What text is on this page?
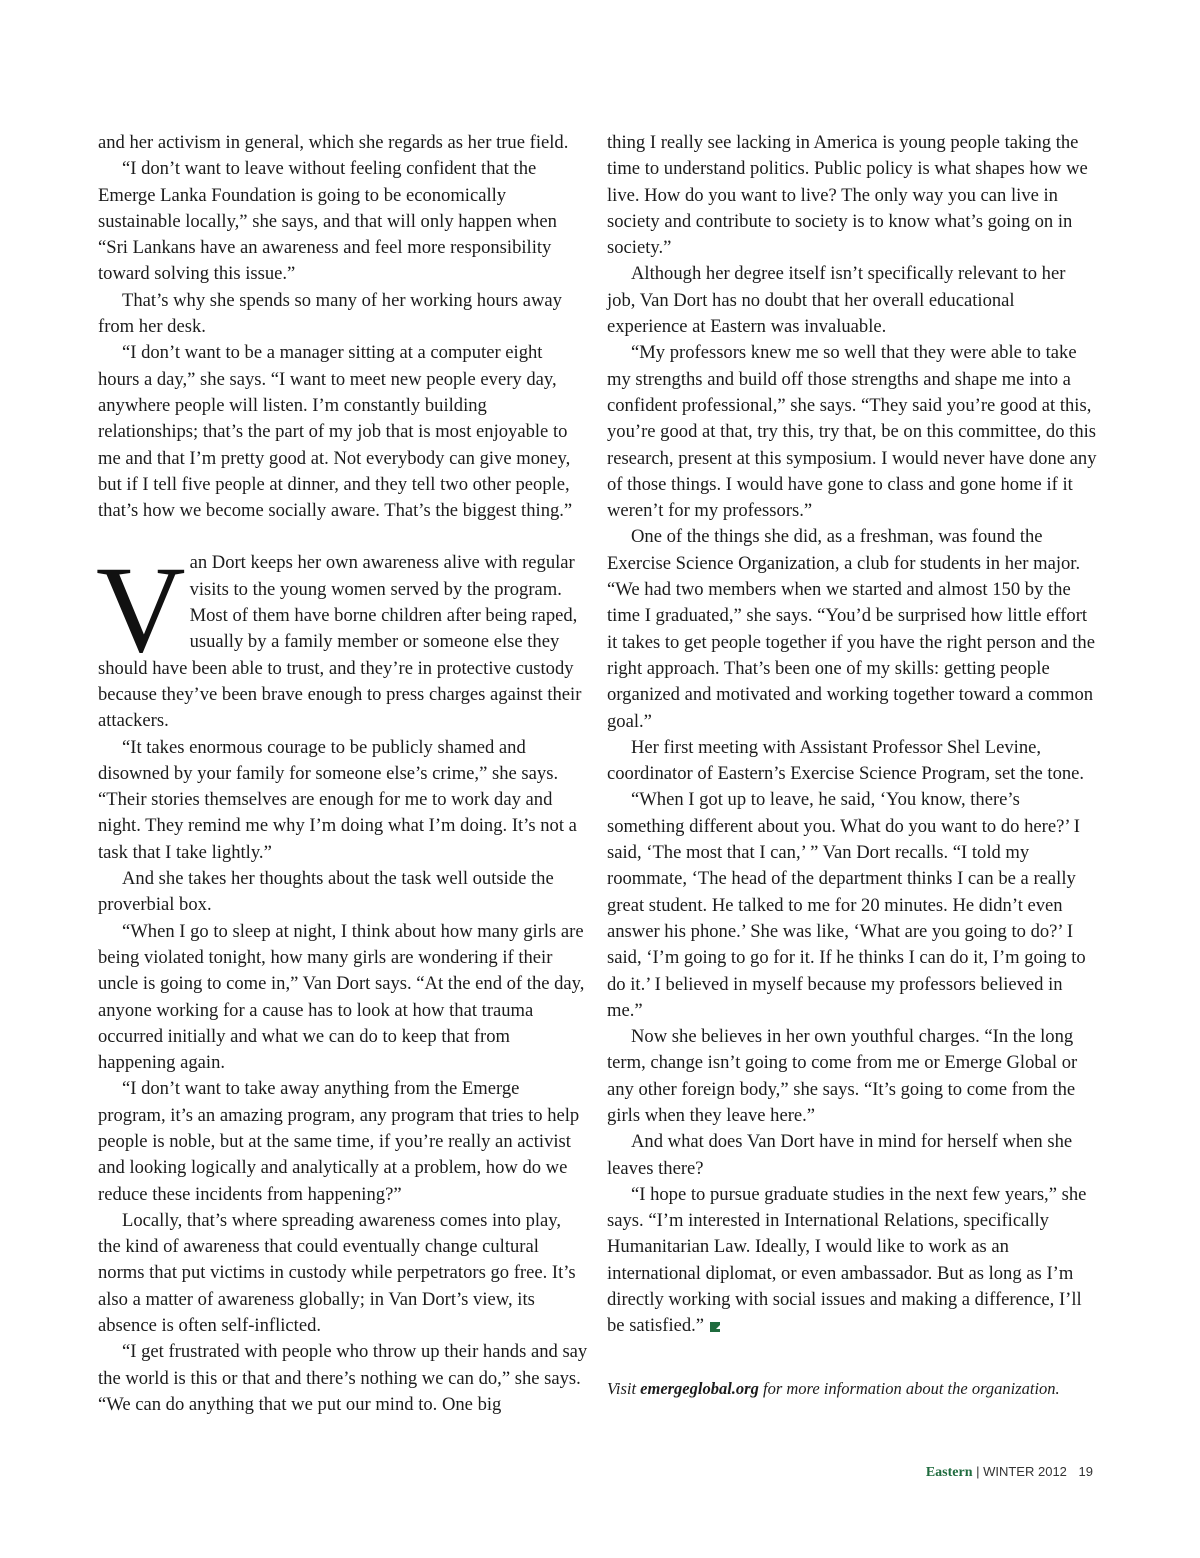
and her activism in general, which she regards as her true field.

“I don’t want to leave without feeling confident that the Emerge Lanka Foundation is going to be economically sustainable locally,” she says, and that will only happen when “Sri Lankans have an awareness and feel more responsibility toward solving this issue.”

That’s why she spends so many of her working hours away from her desk.

“I don’t want to be a manager sitting at a computer eight hours a day,” she says. “I want to meet new people every day, anywhere people will listen. I’m constantly building relationships; that’s the part of my job that is most enjoyable to me and that I’m pretty good at. Not everybody can give money, but if I tell five people at dinner, and they tell two other people, that’s how we become socially aware. That’s the biggest thing.”

Van Dort keeps her own awareness alive with regular visits to the young women served by the program. Most of them have borne children after being raped, usually by a family member or someone else they should have been able to trust, and they’re in protective custody because they’ve been brave enough to press charges against their attackers.

“It takes enormous courage to be publicly shamed and disowned by your family for someone else’s crime,” she says. “Their stories themselves are enough for me to work day and night. They remind me why I’m doing what I’m doing. It’s not a task that I take lightly.”

And she takes her thoughts about the task well outside the proverbial box.

“When I go to sleep at night, I think about how many girls are being violated tonight, how many girls are wondering if their uncle is going to come in,” Van Dort says. “At the end of the day, anyone working for a cause has to look at how that trauma occurred initially and what we can do to keep that from happening again.

“I don’t want to take away anything from the Emerge program, it’s an amazing program, any program that tries to help people is noble, but at the same time, if you’re really an activist and looking logically and analytically at a problem, how do we reduce these incidents from happening?”

Locally, that’s where spreading awareness comes into play, the kind of awareness that could eventually change cultural norms that put victims in custody while perpetrators go free. It’s also a matter of awareness globally; in Van Dort’s view, its absence is often self-inflicted.

“I get frustrated with people who throw up their hands and say the world is this or that and there’s nothing we can do,” she says. “We can do anything that we put our mind to. One big

thing I really see lacking in America is young people taking the time to understand politics. Public policy is what shapes how we live. How do you want to live? The only way you can live in society and contribute to society is to know what’s going on in society.”

Although her degree itself isn’t specifically relevant to her job, Van Dort has no doubt that her overall educational experience at Eastern was invaluable.

“My professors knew me so well that they were able to take my strengths and build off those strengths and shape me into a confident professional,” she says. “They said you’re good at this, you’re good at that, try this, try that, be on this committee, do this research, present at this symposium. I would never have done any of those things. I would have gone to class and gone home if it weren’t for my professors.”

One of the things she did, as a freshman, was found the Exercise Science Organization, a club for students in her major. “We had two members when we started and almost 150 by the time I graduated,” she says. “You’d be surprised how little effort it takes to get people together if you have the right person and the right approach. That’s been one of my skills: getting people organized and motivated and working together toward a common goal.”

Her first meeting with Assistant Professor Shel Levine, coordinator of Eastern’s Exercise Science Program, set the tone.

“When I got up to leave, he said, ‘You know, there’s something different about you. What do you want to do here?’ I said, ‘The most that I can,’ ” Van Dort recalls. “I told my roommate, ‘The head of the department thinks I can be a really great student. He talked to me for 20 minutes. He didn’t even answer his phone.’ She was like, ‘What are you going to do?’ I said, ‘I’m going to go for it. If he thinks I can do it, I’m going to do it.’ I believed in myself because my professors believed in me.”

Now she believes in her own youthful charges. “In the long term, change isn’t going to come from me or Emerge Global or any other foreign body,” she says. “It’s going to come from the girls when they leave here.”

And what does Van Dort have in mind for herself when she leaves there?

“I hope to pursue graduate studies in the next few years,” she says. “I’m interested in International Relations, specifically Humanitarian Law. Ideally, I would like to work as an international diplomat, or even ambassador. But as long as I’m directly working with social issues and making a difference, I’ll be satisfied.”

Visit emergeglobal.org for more information about the organization.

Eastern | WINTER 2012 19
